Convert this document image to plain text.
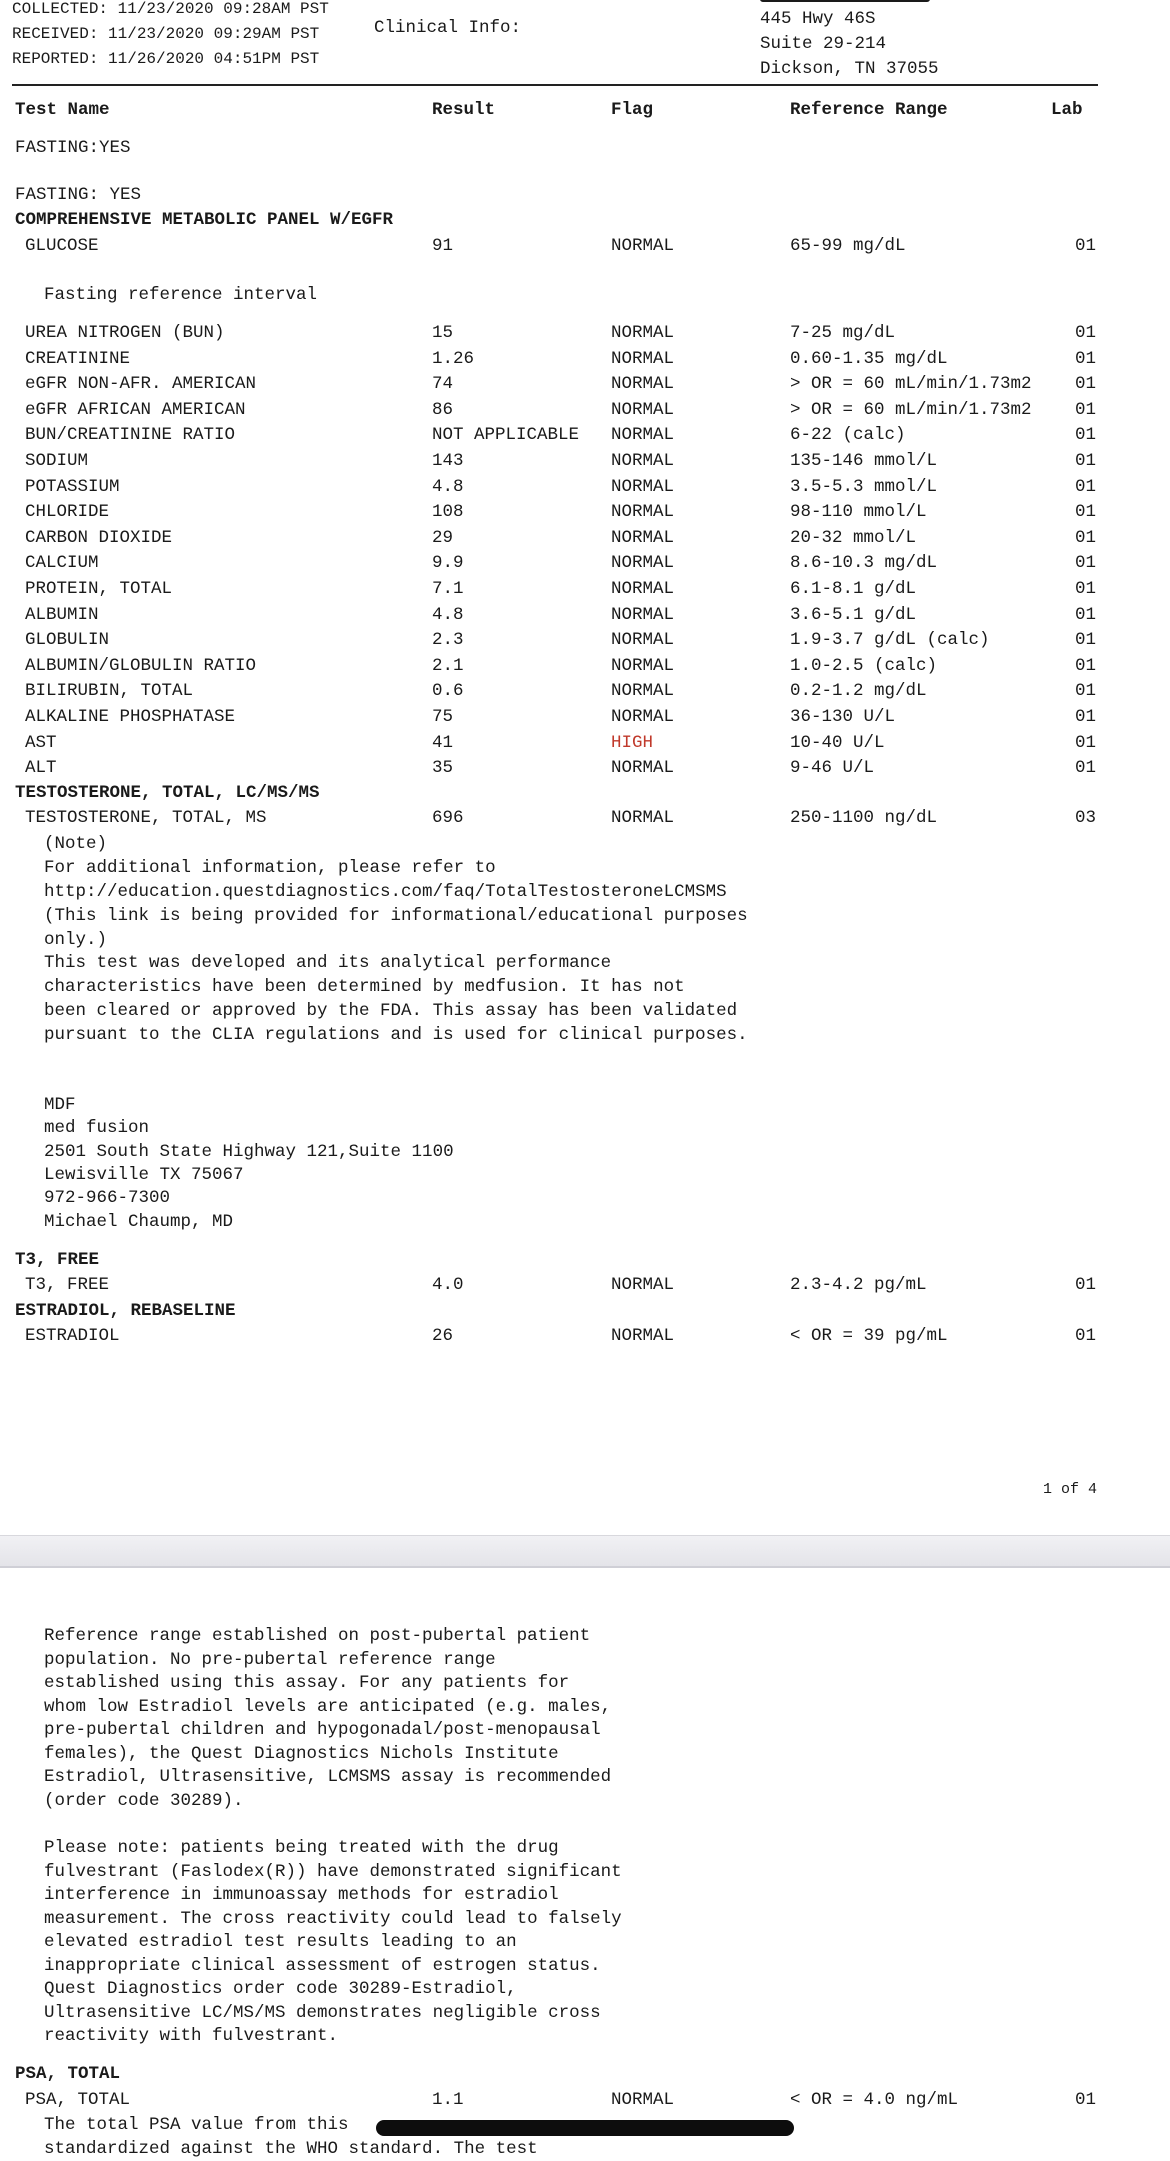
COLLECTED: 11/23/2020 09:28AM PST
RECEIVED: 11/23/2020 09:29AM PST
REPORTED: 11/26/2020 04:51PM PST
Clinical Info:	445 Hwy 46S
Suite 29-214
Dickson, TN 37055
Test Name	Result	Flag	Reference Range	Lab
FASTING:YES
FASTING: YES
COMPREHENSIVE METABOLIC PANEL W/EGFR
GLUCOSE	91	NORMAL	65-99 mg/dL	01
Fasting reference interval
UREA NITROGEN (BUN)	15	NORMAL	7-25 mg/dL	01
CREATININE	1.26	NORMAL	0.60-1.35 mg/dL	01
eGFR NON-AFR. AMERICAN	74	NORMAL	> OR = 60 mL/min/1.73m2 01
eGFR AFRICAN AMERICAN	86	NORMAL	> OR = 60 mL/min/1.73m2 01
BUN/CREATININE RATIO	NOT APPLICABLE NORMAL	6-22 (calc)	01
SODIUM	143	NORMAL	135-146 mmol/L	01
POTASSIUM	4.8	NORMAL	3.5-5.3 mmol/L	01
CHLORIDE	108	NORMAL	98-110 mmol/L	01
CARBON DIOXIDE	29	NORMAL	20-32 mmol/L	01
CALCIUM	9.9	NORMAL	8.6-10.3 mg/dL	01
PROTEIN, TOTAL	7.1	NORMAL	6.1-8.1 g/dL	01
ALBUMIN	4.8	NORMAL	3.6-5.1 g/dL	01
GLOBULIN	2.3	NORMAL	1.9-3.7 g/dL (calc)	01
ALBUMIN/GLOBULIN RATIO	2.1	NORMAL	1.0-2.5 (calc)	01
BILIRUBIN, TOTAL	0.6	NORMAL	0.2-1.2 mg/dL	01
ALKALINE PHOSPHATASE	75	NORMAL	36-130 U/L	01
AST	41	HIGH	10-40 U/L	01
ALT	35	NORMAL	9-46 U/L	01
TESTOSTERONE, TOTAL, LC/MS/MS
TESTOSTERONE, TOTAL, MS	696	NORMAL	250-1100 ng/dL	03
(Note)
For additional information, please refer to
http://education.questdiagnostics.com/faq/TotalTestosteroneLCMSMS
(This link is being provided for informational/educational purposes
only.)
This test was developed and its analytical performance
characteristics have been determined by medfusion. It has not
been cleared or approved by the FDA. This assay has been validated
pursuant to the CLIA regulations and is used for clinical purposes.
MDF
med fusion
2501 South State Highway 121,Suite 1100
Lewisville TX 75067
972-966-7300
Michael Chaump, MD
T3, FREE
T3, FREE	4.0	NORMAL	2.3-4.2 pg/mL	01
ESTRADIOL, REBASELINE
ESTRADIOL	26	NORMAL	< OR = 39 pg/mL	01
1 of 4
Reference range established on post-pubertal patient
population. No pre-pubertal reference range
established using this assay. For any patients for
whom low Estradiol levels are anticipated (e.g. males,
pre-pubertal children and hypogonadal/post-menopausal
females), the Quest Diagnostics Nichols Institute
Estradiol, Ultrasensitive, LCMSMS assay is recommended
(order code 30289).
Please note: patients being treated with the drug
fulvestrant (Faslodex(R)) have demonstrated significant
interference in immunoassay methods for estradiol
measurement. The cross reactivity could lead to falsely
elevated estradiol test results leading to an
inappropriate clinical assessment of estrogen status.
Quest Diagnostics order code 30289-Estradiol,
Ultrasensitive LC/MS/MS demonstrates negligible cross
reactivity with fulvestrant.
PSA, TOTAL
PSA, TOTAL	1.1	NORMAL	< OR = 4.0 ng/mL	01
The total PSA value from this
standardized against the WHO standard. The test
